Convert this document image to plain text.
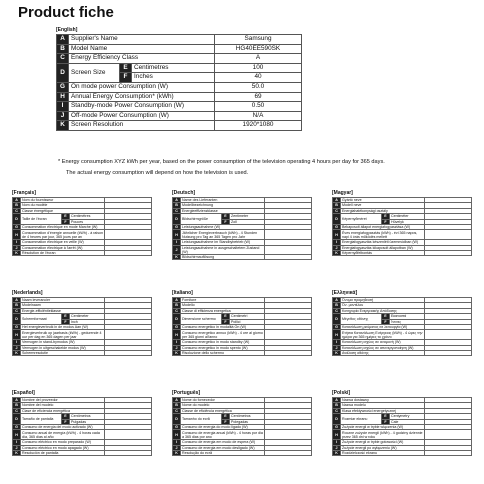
Product fiche
[English]
A	Supplier's Name			Samsung
B	Model Name			HG40EE590SK
C	Energy Efficiency Class			A
D	Screen Size	E	Centimetres	100
		F	Inches	40
G	On mode power Consumption (W)			50.0
H	Annual Energy Consumption* (kWh)			69
I	Standby-mode Power Consumption (W)			0.50
J	Off-mode Power Consumption (W)			N/A
K	Screen Resolution			1920*1080
* Energy consumption XYZ kWh per year, based on the power consumption of the television operating 4 hours per day for 365 days.
The actual energy consumption will depend on how the television is used.
[Français]
A	Nom du fournisseur			
B	Nom du modèle			
C	Classe énergétique			
D	Taille de l'écran	E	Centimètres	
		F	Pouces	
G	Consommation électrique en mode Marche (W)			
H	Consommation d'énergie annuelle (kWh) - à raison de 4 heures par jour, 365 jours par an			
I	Consommation électrique en veille (W)			
J	Consommation électrique à l'arrêt (W)			
K	Résolution de l'écran			
[Deutsch]
A	Name des Lieferanten			
B	Modellbezeichnung			
C	Energieeffizienzklasse			
D	Bildschirmgröße	E	Zentimeter	
		F	Zoll	
G	Leistungsaufnahme (W)			
H	Jährlicher Energieverbrauch (kWh) - 4 Stunden Nutzung pro Tag an 365 Tagen pro Jahr			
I	Leistungsaufnahme im Standbybetrieb (W)			
J	Leistungsaufnahme in ausgeschaltetem Zustand (W)			
K	Bildschirmauflösung			
[Magyar]
A	Gyártó neve			
B	Modell neve			
C	Energiahatékonysági osztály			
D	Képernyőméret	E	Centiméter	
		F	Hüvelyk	
G	Bekapcsolt állapot energiafogyasztása (W)			
H	Éves energiafogyasztás (kWh) - évi 365 napos, napi 4 órás működés mellett			
I	Energiafogyasztás készenléti üzemmódban (W)			
J	Energiafogyasztás kikapcsolt állapotban (W)			
K	Képernyőfelbontás			
[Nederlands]
A	Naam leverancier			
B	Modelnaam			
C	Energie-efficiëntieklasse			
D	Schermformaat	E	Centimeter	
		F	Inch	
G	Het energieverbruik in de modus Aan (W)			
H	Energieverbruik op jaarbasis (kWh) - gedurende 4 uur per dag en 365 dagen per jaar			
I	Vermogen in stand-bymodus (W)			
J	Vermogen in uitgeschakelde modus (W)			
K	Schermresolutie			
[Italiano]
A	Fornitore			
B	Modello			
C	Classe di efficienza energetica			
D	Dimensione schermo	E	Centimetri	
		F	Pollici	
G	Consumo energetico in modalità On (W)			
H	Consumo energetico annuo (kWh) - 4 ore al giorno per 365 giorni all'anno			
I	Consumo energetico in modo standby (W)			
J	Consumo energetico in modo spento (W)			
K	Risoluzione dello schermo			
[Ελληνικά]
A	Όνομα προμηθευτή			
B	Όν. μοντέλου			
C	Κατηγορία Ενεργειακής Απόδοσης			
D	Μέγεθος οθόνης	E	Εκατοστά	
		F	Ίντσες	
G	Κατανάλωση ρεύματος σε λειτουργία (W)			
H	Ετήσια Κατανάλωση Ενέργειας (kWh) - 4 ώρες την ημέρα για 365 ημέρες το χρόνο			
I	Κατανάλωση ισχύος σε αναμονή (W)			
J	Κατανάλωση ισχύος σε απενεργοποίηση (W)			
K	Ανάλυση οθόνης			
[Español]
A	Nombre del proveedor			
B	Nombre del modelo			
C	Clase de eficiencia energética			
D	Tamaño de pantalla	E	Centímetros	
		F	Pulgadas	
G	Consumo de energía del modo activado (W)			
H	Consumo anual de energía (kWh) - 4 horas cada día, 365 días al año			
I	Consumo eléctrico en modo preparado (W)			
J	Consumo eléctrico en modo apagado (W)			
K	Resolución de pantalla			
[Português]
A	Nome do fornecedor			
B	Nome do modelo			
C	Classe de eficiência energética			
D	Tamanho do ecrã	E	Centímetros	
		F	Polegadas	
G	Consumo de energia do modo ligado (W)			
H	Consumo de energia anual (kWh) - 4 horas por dia a 365 dias por ano			
I	Consumo de energia em modo de espera (W)			
J	Consumo de energia em modo desligado (W)			
K	Resolução do ecrã			
[Polski]
A	Nazwa dostawcy			
B	Nazwa modelu			
C	Klasa efektywności energetycznej			
D	Rozmiar ekranu	E	Centymetry	
		F	Cale	
G	Zużycie energii w trybie włączenia (W)			
H	Roczne zużycie energii (kWh) - 4 godziny dziennie przez 365 dni w roku			
I	Zużycie energii w trybie gotowości (W)			
J	Zużycie energii po wyłączeniu (W)			
K	Rozdzielczość ekranu			
